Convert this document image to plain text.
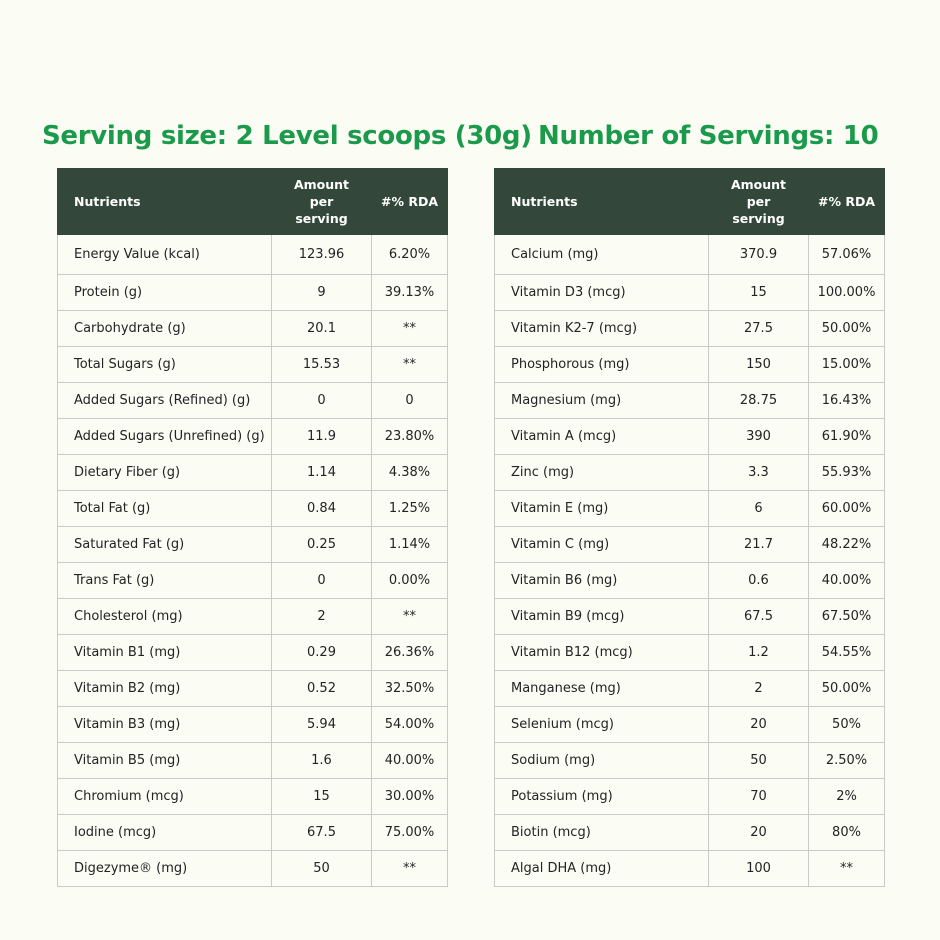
Serving size: 2 Level scoops (30g) Number of Servings: 10
Nutrients	Amount
per
serving	#% RDA
Energy Value (kcal)	123.96	6.20%
Protein (g)	9	39.13%
Carbohydrate (g)	20.1	**
Total Sugars (g)	15.53	**
Added Sugars (Refined) (g)	0	0
Added Sugars (Unrefined) (g)	11.9	23.80%
Dietary Fiber (g)	1.14	4.38%
Total Fat (g)	0.84	1.25%
Saturated Fat (g)	0.25	1.14%
Trans Fat (g)	0	0.00%
Cholesterol (mg)	2	**
Vitamin B1 (mg)	0.29	26.36%
Vitamin B2 (mg)	0.52	32.50%
Vitamin B3 (mg)	5.94	54.00%
Vitamin B5 (mg)	1.6	40.00%
Chromium (mcg)	15	30.00%
Iodine (mcg)	67.5	75.00%
Digezyme® (mg)	50	**
Nutrients	Amount
per
serving	#% RDA
Calcium (mg)	370.9	57.06%
Vitamin D3 (mcg)	15	100.00%
Vitamin K2-7 (mcg)	27.5	50.00%
Phosphorous (mg)	150	15.00%
Magnesium (mg)	28.75	16.43%
Vitamin A (mcg)	390	61.90%
Zinc (mg)	3.3	55.93%
Vitamin E (mg)	6	60.00%
Vitamin C (mg)	21.7	48.22%
Vitamin B6 (mg)	0.6	40.00%
Vitamin B9 (mcg)	67.5	67.50%
Vitamin B12 (mcg)	1.2	54.55%
Manganese (mg)	2	50.00%
Selenium (mcg)	20	50%
Sodium (mg)	50	2.50%
Potassium (mg)	70	2%
Biotin (mcg)	20	80%
Algal DHA (mg)	100	**
